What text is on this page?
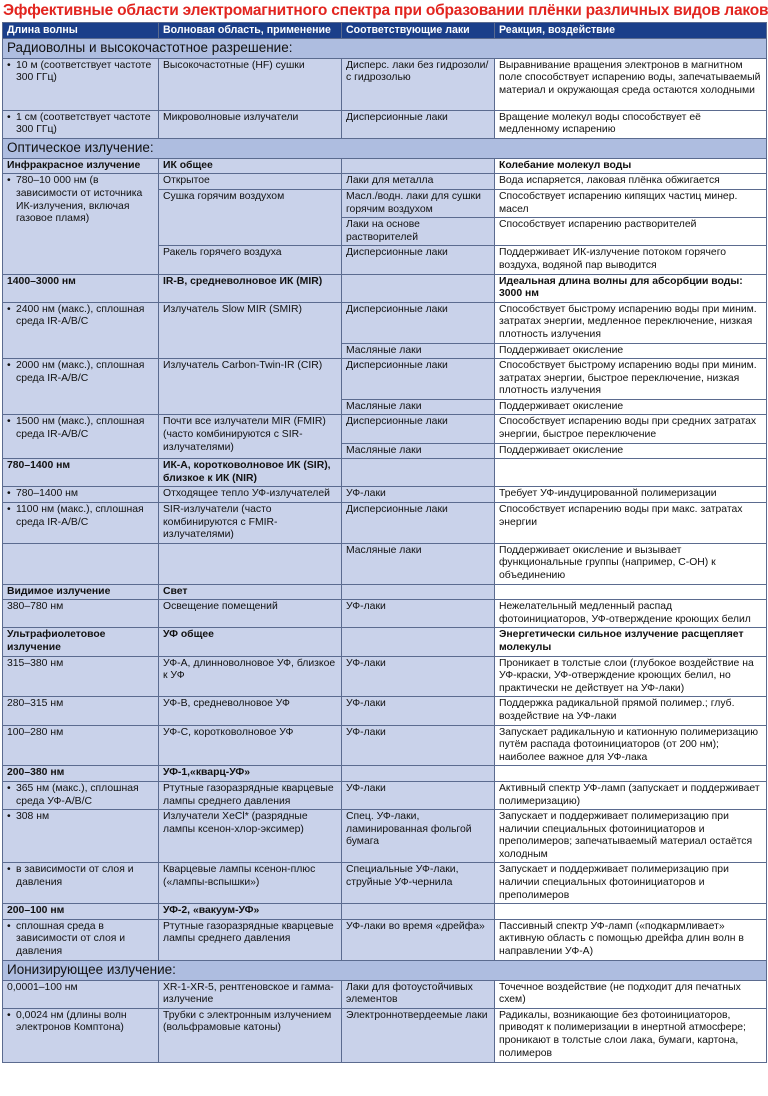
Эффективные области электромагнитного спектра при образовании плёнки различных видов лаков
Длина волны	Волновая область, применение	Соответствующие лаки	Реакция, воздействие
Радиоволны и высокочастотное разрешение:			
• 10 м (соответствует частоте 300 ГГц)	Высокочастотные (HF) сушки	Дисперс. лаки без гидрозоли/с гидрозолью	Выравнивание вращения электронов в магнитном поле способствует испарению воды, запечатываемый материал и окружающая среда остаются холодными
• 1 см (соответствует частоте 300 ГГц)	Микроволновые излучатели	Дисперсионные лаки	Вращение молекул воды способствует её медленному испарению
Оптическое излучение:			
Инфракрасное излучение	ИК общее		Колебание молекул воды
• 780–10 000 нм (в зависимости от источника ИК-излучения, включая газовое пламя)	Открытое	Лаки для металла	Вода испаряется, лаковая плёнка обжигается
	Сушка горячим воздухом	Масл./водн. лаки для сушки горячим воздухом	Способствует испарению кипящих частиц минер. масел
		Лаки на основе растворителей	Способствует испарению растворителей
	Ракель горячего воздуха	Дисперсионные лаки	Поддерживает ИК-излучение потоком горячего воздуха, водяной пар выводится
1400–3000 нм	IR-B, средневолновое ИК (MIR)		Идеальная длина волны для абсорбции воды: 3000 нм
• 2400 нм (макс.), сплошная среда IR-A/B/C	Излучатель Slow MIR (SMIR)	Дисперсионные лаки	Способствует быстрому испарению воды при миним. затратах энергии, медленное переключение, низкая плотность излучения
		Масляные лаки	Поддерживает окисление
• 2000 нм (макс.), сплошная среда IR-A/B/C	Излучатель Carbon-Twin-IR (CIR)	Дисперсионные лаки	Способствует быстрому испарению воды при миним. затратах энергии, быстрое переключение, низкая плотность излучения
		Масляные лаки	Поддерживает окисление
• 1500 нм (макс.), сплошная среда IR-A/B/C	Почти все излучатели MIR (FMIR) (часто комбинируются с SIR-излучателями)	Дисперсионные лаки	Способствует испарению воды при средних затратах энергии, быстрое переключение
		Масляные лаки	Поддерживает окисление
780–1400 нм	ИК-А, коротковолновое ИК (SIR), близкое к ИК (NIR)		
• 780–1400 нм	Отходящее тепло УФ-излучателей	УФ-лаки	Требует УФ-индуцированной полимеризации
• 1100 нм (макс.), сплошная среда IR-A/B/C	SIR-излучатели (часто комбинируются с FMIR-излучателями)	Дисперсионные лаки	Способствует испарению воды при макс. затратах энергии
		Масляные лаки	Поддерживает окисление и вызывает функциональные группы (например, С-ОН) к объединению
Видимое излучение	Свет		
380–780 нм	Освещение помещений	УФ-лаки	Нежелательный медленный распад фотоинициаторов, УФ-отверждение кроющих белил
Ультрафиолетовое излучение	УФ общее		Энергетически сильное излучение расщепляет молекулы
315–380 нм	УФ-А, длинноволновое УФ, близкое к УФ	УФ-лаки	Проникает в толстые слои (глубокое воздействие на УФ-краски, УФ-отверждение кроющих белил, но практически не действует на УФ-лаки)
280–315 нм	УФ-В, средневолновое УФ	УФ-лаки	Поддержка радикальной прямой полимер.; глуб. воздействие на УФ-лаки
100–280 нм	УФ-С, коротковолновое УФ	УФ-лаки	Запускает радикальную и катионную полимеризацию путём распада фотоинициаторов (от 200 нм); наиболее важное для УФ-лака
200–380 нм	УФ-1,«кварц-УФ»		
• 365 нм (макс.), сплошная среда УФ-А/В/С	Ртутные газоразрядные кварцевые лампы среднего давления	УФ-лаки	Активный спектр УФ-ламп (запускает и поддерживает полимеризацию)
• 308 нм	Излучатели XeCl* (разрядные лампы ксенон-хлор-эксимер)	Спец. УФ-лаки, ламинированная фольгой бумага	Запускает и поддерживает полимеризацию при наличии специальных фотоинициаторов и преполимеров; запечатываемый материал остаётся холодным
• в зависимости от слоя и давления	Кварцевые лампы ксенон-плюс («лампы-вспышки»)	Специальные УФ-лаки, струйные УФ-чернила	Запускает и поддерживает полимеризацию при наличии специальных фотоинициаторов и преполимеров
200–100 нм	УФ-2, «вакуум-УФ»		
• сплошная среда в зависимости от слоя и давления	Ртутные газоразрядные кварцевые лампы среднего давления	УФ-лаки во время «дрейфа»	Пассивный спектр УФ-ламп («подкармливает» активную область с помощью дрейфа длин волн в направлении УФ-А)
Ионизирующее излучение:			
0,0001–100 нм	XR-1-XR-5, рентгеновское и гамма-излучение	Лаки для фотоустойчивых элементов	Точечное воздействие (не подходит для печатных схем)
• 0,0024 нм (длины волн электронов Комптона)	Трубки с электронным излучением (вольфрамовые катоны)	Электроннотвердеемые лаки	Радикалы, возникающие без фотоинициаторов, приводят к полимеризации в инертной атмосфере; проникают в толстые слои лака, бумаги, картона, полимеров
